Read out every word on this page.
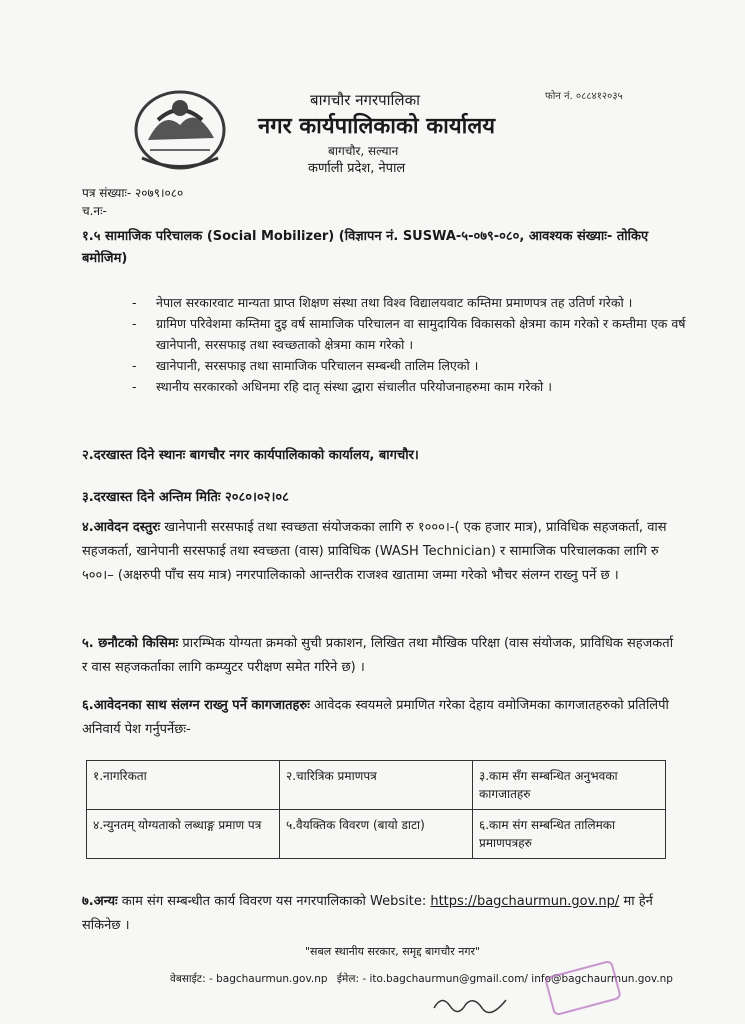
बागचौर नगरपालिका
नगर कार्यपालिकाको कार्यालय
बागचौर, सल्यान
कर्णाली प्रदेश, नेपाल
फोन नं. ०८८४१२०३५
पत्र संख्याः- २०७९।०८०
च.नः-
१.५ सामाजिक परिचालक (Social Mobilizer) (विज्ञापन नं. SUSWA-५-०७९-०८०, आवश्यक संख्याः- तोकिए बमोजिम)
- नेपाल सरकारवाट मान्यता प्राप्त शिक्षण संस्था तथा विश्व विद्यालयवाट कम्तिमा प्रमाणपत्र तह उतिर्ण गरेको ।
- ग्रामिण परिवेशमा कम्तिमा दुइ वर्ष सामाजिक परिचालन वा सामुदायिक विकासको क्षेत्रमा काम गरेको र कम्तीमा एक वर्ष खानेपानी, सरसफाइ तथा स्वच्छताको क्षेत्रमा काम गरेको ।
- खानेपानी, सरसफाइ तथा सामाजिक परिचालन सम्बन्धी तालिम लिएको ।
- स्थानीय सरकारको अधिनमा रहि दातृ संस्था द्धारा संचालीत परियोजनाहरुमा काम गरेको ।
२.दरखास्त दिने स्थानः बागचौर नगर कार्यपालिकाको कार्यालय, बागचौर।
३.दरखास्त दिने अन्तिम मितिः २०८०।०२।०८
४.आवेदन दस्तुरः खानेपानी सरसफाई तथा स्वच्छता संयोजकका लागि रु १०००।-( एक हजार मात्र), प्राविधिक सहजकर्ता, वास सहजकर्ता, खानेपानी सरसफाई तथा स्वच्छता (वास) प्राविधिक (WASH Technician) र सामाजिक परिचालकका लागि रु ५००।– (अक्षरुपी पाँच सय मात्र) नगरपालिकाको आन्तरीक राजश्व खातामा जम्मा गरेको भौचर संलग्न राख्नु पर्ने छ ।
५. छनौटको किसिमः प्रारम्भिक योग्यता क्रमको सुची प्रकाशन, लिखित तथा मौखिक परिक्षा (वास संयोजक, प्राविधिक सहजकर्ता र वास सहजकर्ताका लागि कम्प्युटर परीक्षण समेत गरिने छ) ।
६.आवेदनका साथ संलग्न राख्नु पर्ने कागजातहरुः आवेदक स्वयमले प्रमाणित गरेका देहाय वमोजिमका कागजातहरुको प्रतिलिपी अनिवार्य पेश गर्नुपर्नेछः-
१.नागरिकता	२.चारित्रिक प्रमाणपत्र	३.काम सँग सम्बन्धित अनुभवका कागजातहरु
४.न्युनतम् योग्यताको लब्धाङ्ग प्रमाण पत्र	५.वैयक्तिक विवरण (बायो डाटा)	६.काम संग सम्बन्धित तालिमका प्रमाणपत्रहरु
७.अन्यः काम संग सम्बन्धीत कार्य विवरण यस नगरपालिकाको Website: https://bagchaurmun.gov.np/ मा हेर्न सकिनेछ ।
"सबल स्थानीय सरकार, समृद्द बागचौर नगर"
वेबसाईट: - bagchaurmun.gov.np ईमेल: - ito.bagchaurmun@gmail.com/ info@bagchaurmun.gov.np
